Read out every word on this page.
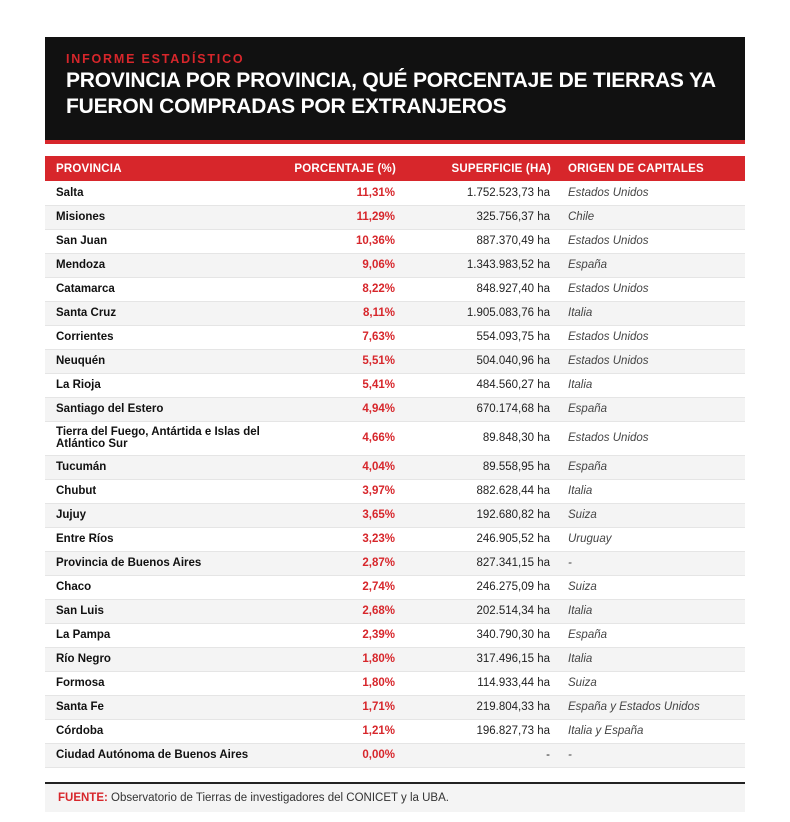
INFORME ESTADÍSTICO
PROVINCIA POR PROVINCIA, QUÉ PORCENTAJE DE TIERRAS YA FUERON COMPRADAS POR EXTRANJEROS
PROVINCIA	PORCENTAJE (%)	SUPERFICIE (HA)	ORIGEN DE CAPITALES
Salta	11,31%	1.752.523,73 ha	Estados Unidos
Misiones	11,29%	325.756,37 ha	Chile
San Juan	10,36%	887.370,49 ha	Estados Unidos
Mendoza	9,06%	1.343.983,52 ha	España
Catamarca	8,22%	848.927,40 ha	Estados Unidos
Santa Cruz	8,11%	1.905.083,76 ha	Italia
Corrientes	7,63%	554.093,75 ha	Estados Unidos
Neuquén	5,51%	504.040,96 ha	Estados Unidos
La Rioja	5,41%	484.560,27 ha	Italia
Santiago del Estero	4,94%	670.174,68 ha	España
Tierra del Fuego, Antártida e Islas del Atlántico Sur	4,66%	89.848,30 ha	Estados Unidos
Tucumán	4,04%	89.558,95 ha	España
Chubut	3,97%	882.628,44 ha	Italia
Jujuy	3,65%	192.680,82 ha	Suiza
Entre Ríos	3,23%	246.905,52 ha	Uruguay
Provincia de Buenos Aires	2,87%	827.341,15 ha	-
Chaco	2,74%	246.275,09 ha	Suiza
San Luis	2,68%	202.514,34 ha	Italia
La Pampa	2,39%	340.790,30 ha	España
Río Negro	1,80%	317.496,15 ha	Italia
Formosa	1,80%	114.933,44 ha	Suiza
Santa Fe	1,71%	219.804,33 ha	España y Estados Unidos
Córdoba	1,21%	196.827,73 ha	Italia y España
Ciudad Autónoma de Buenos Aires	0,00%	-	-
FUENTE: Observatorio de Tierras de investigadores del CONICET y la UBA.
